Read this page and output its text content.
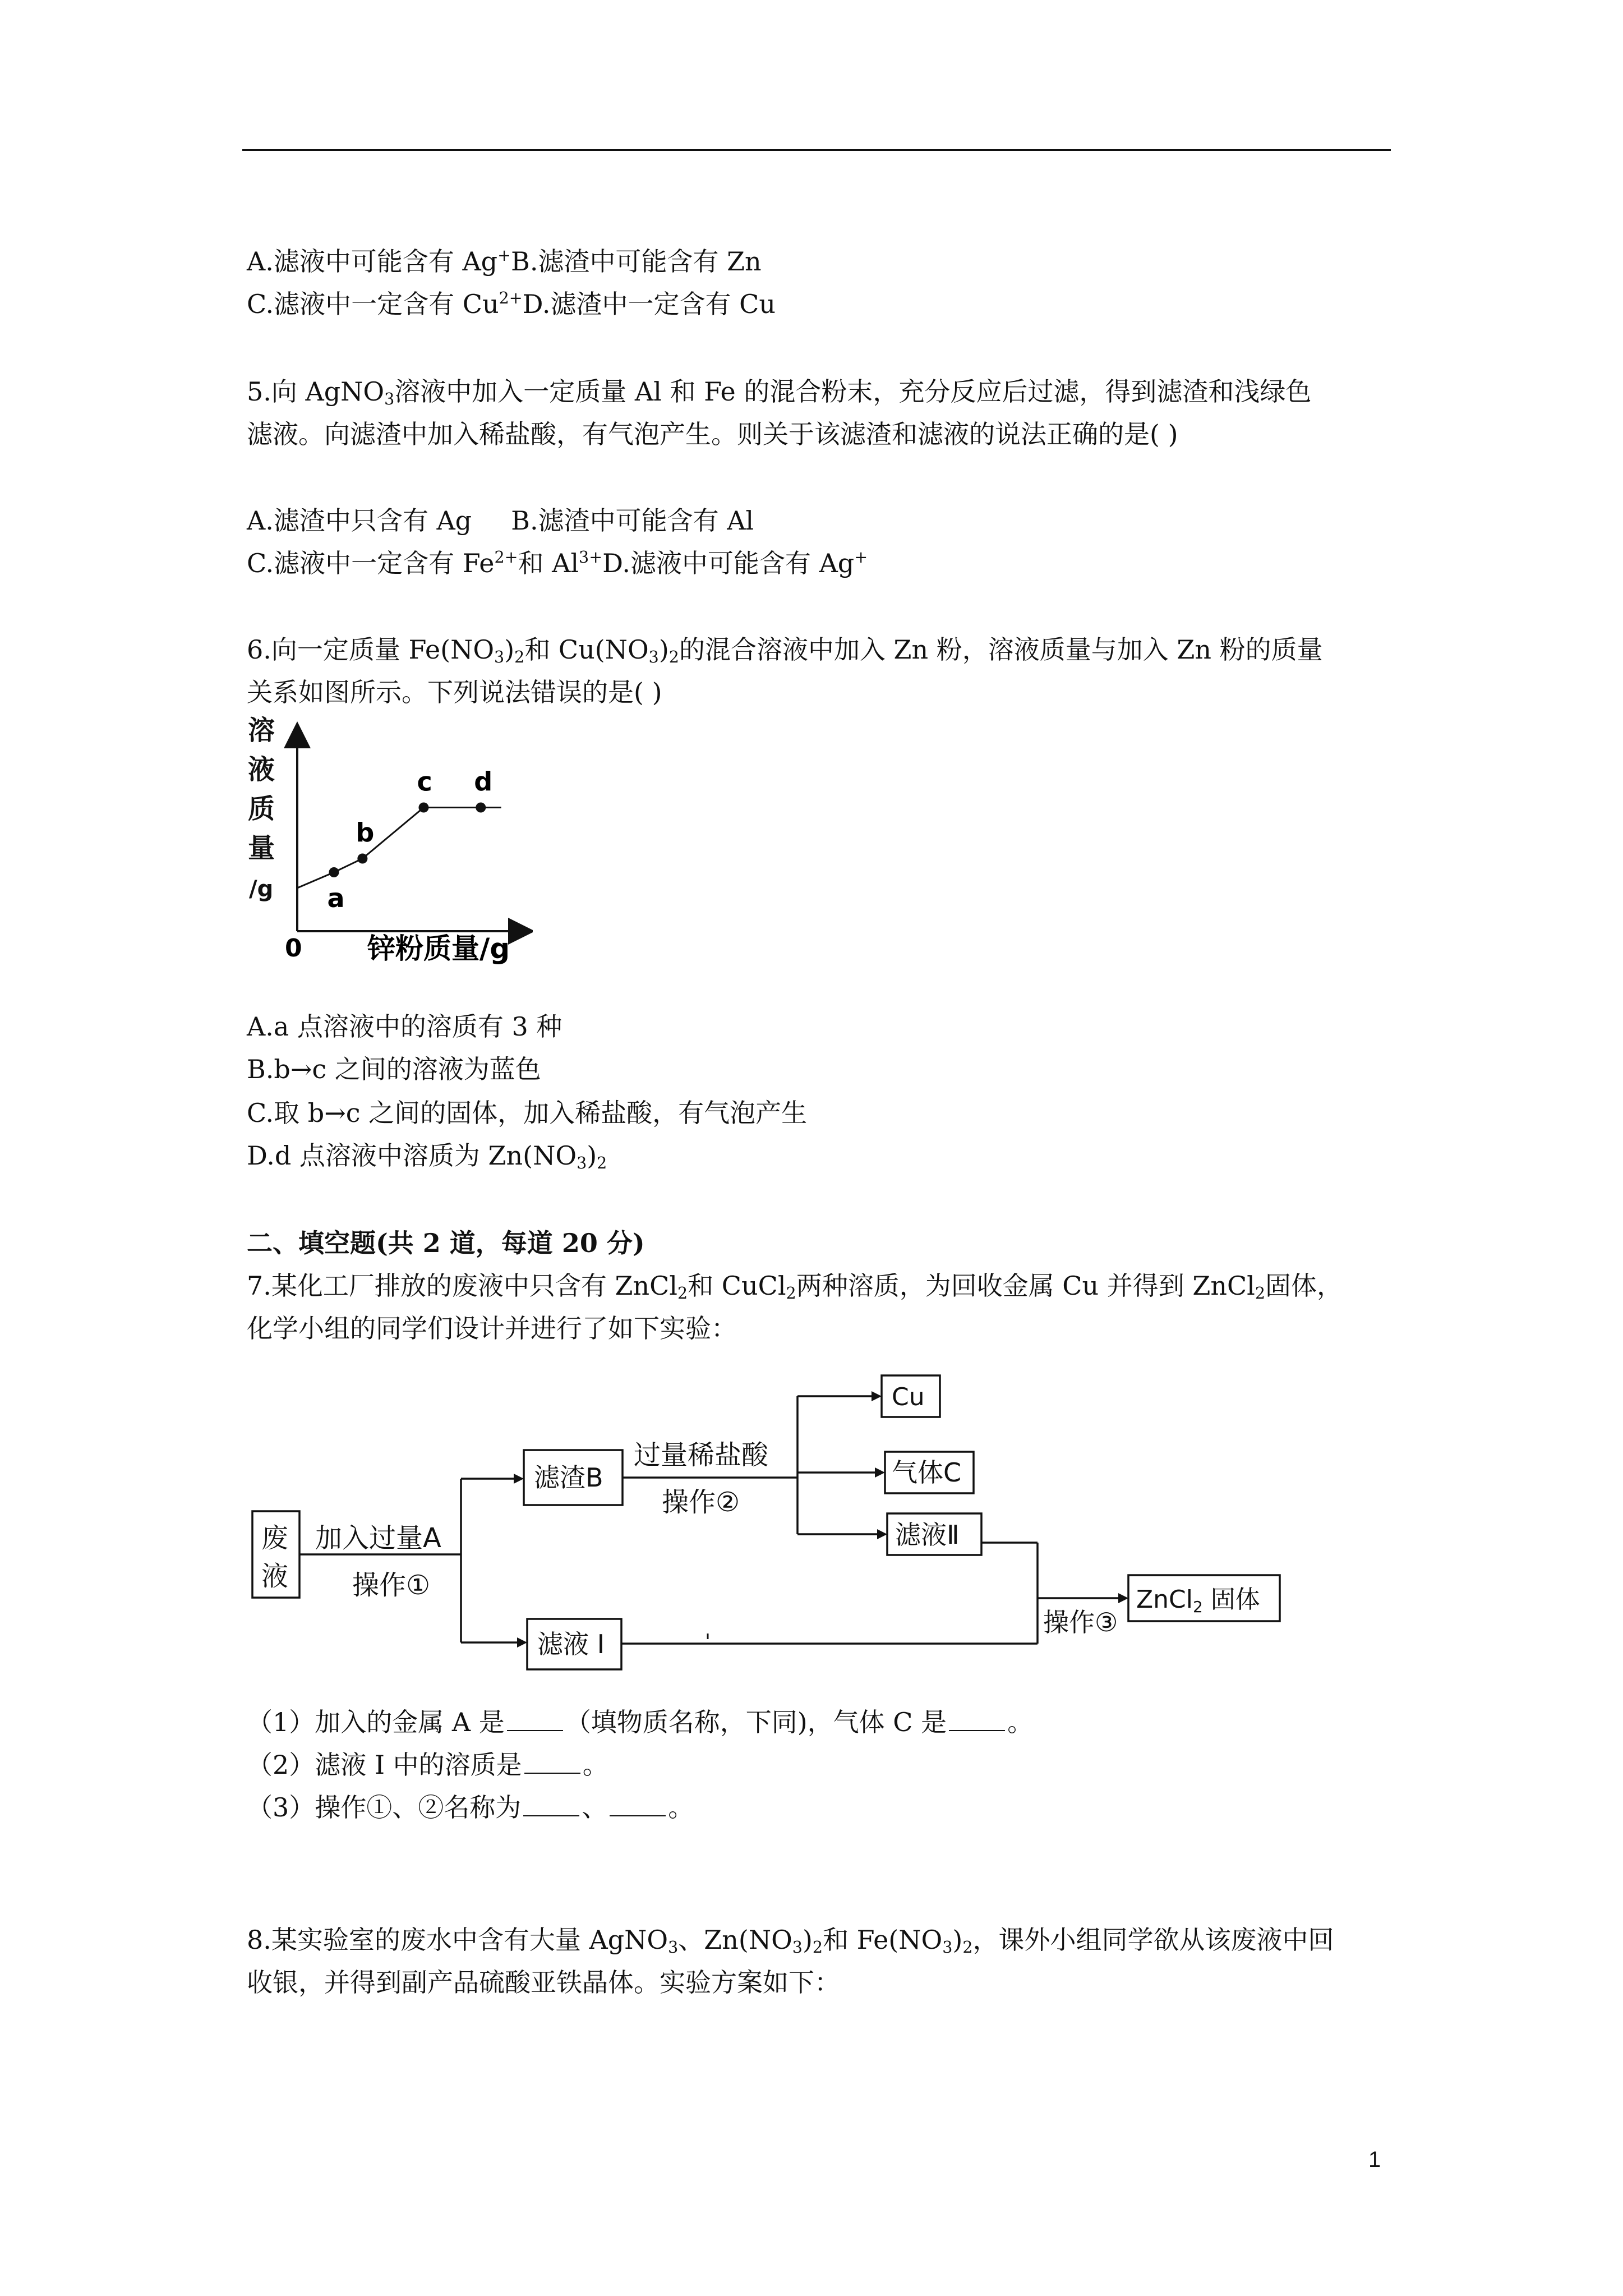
A.滤液中可能含有 Ag+B.滤渣中可能含有 Zn
C.滤液中一定含有 $Cu^{2+}D$.滤渣中一定含有 Cu
5.向 AgNO$_3$溶液中加入一定质量 Al 和 Fe 的混合粉末，充分反应后过滤，得到滤渣和浅绿色
滤液。向滤渣中加入稀盐酸，有气泡产生。则关于该滤渣和滤液的说法正确的是( )
A.滤渣中只含有 Ag B.滤渣中可能含有 Al
C.滤液中一定含有 $Fe^{2+}$和 $Al^{3+}D$.滤液中可能含有 Ag+
6.向一定质量 $Fe(NO_3)_2$和 $Cu(NO_3)_2$的混合溶液中加入 Zn 粉，溶液质量与加入 Zn 粉的质量
关系如图所示。下列说法错误的是( )
溶
液
质
量
/g
0 锌粉质量/g
a
b
c d
A.a 点溶液中的溶质有 3 种
B.b→c 之间的溶液为蓝色
C.取 b→c 之间的固体，加入稀盐酸，有气泡产生
D.d 点溶液中溶质为 $Zn(NO_3)_2$
二、填空题(共 2 道，每道 20 分)
7.某化工厂排放的废液中只含有 ZnCl$_2$和 CuCl$_2$两种溶质，为回收金属 Cu 并得到 ZnCl$_2$固体，
化学小组的同学们设计并进行了如下实验：
废
液
加入过量A
操作①
滤渣B
过量稀盐酸
操作②
Cu
气体C
滤液Ⅱ
滤液 I
操作③
ZnCl2 固体
（1）加入的金属 A 是 （填物质名称，下同)，气体 C 是 。
（2）滤液 I 中的溶质是 。
（3）操作①、②名称为 、 。
8.某实验室的废水中含有大量 AgNO$_3$、$Zn(NO_3)_2$和 $Fe(NO_3)_2$，课外小组同学欲从该废液中回
收银，并得到副产品硫酸亚铁晶体。实验方案如下：
1
